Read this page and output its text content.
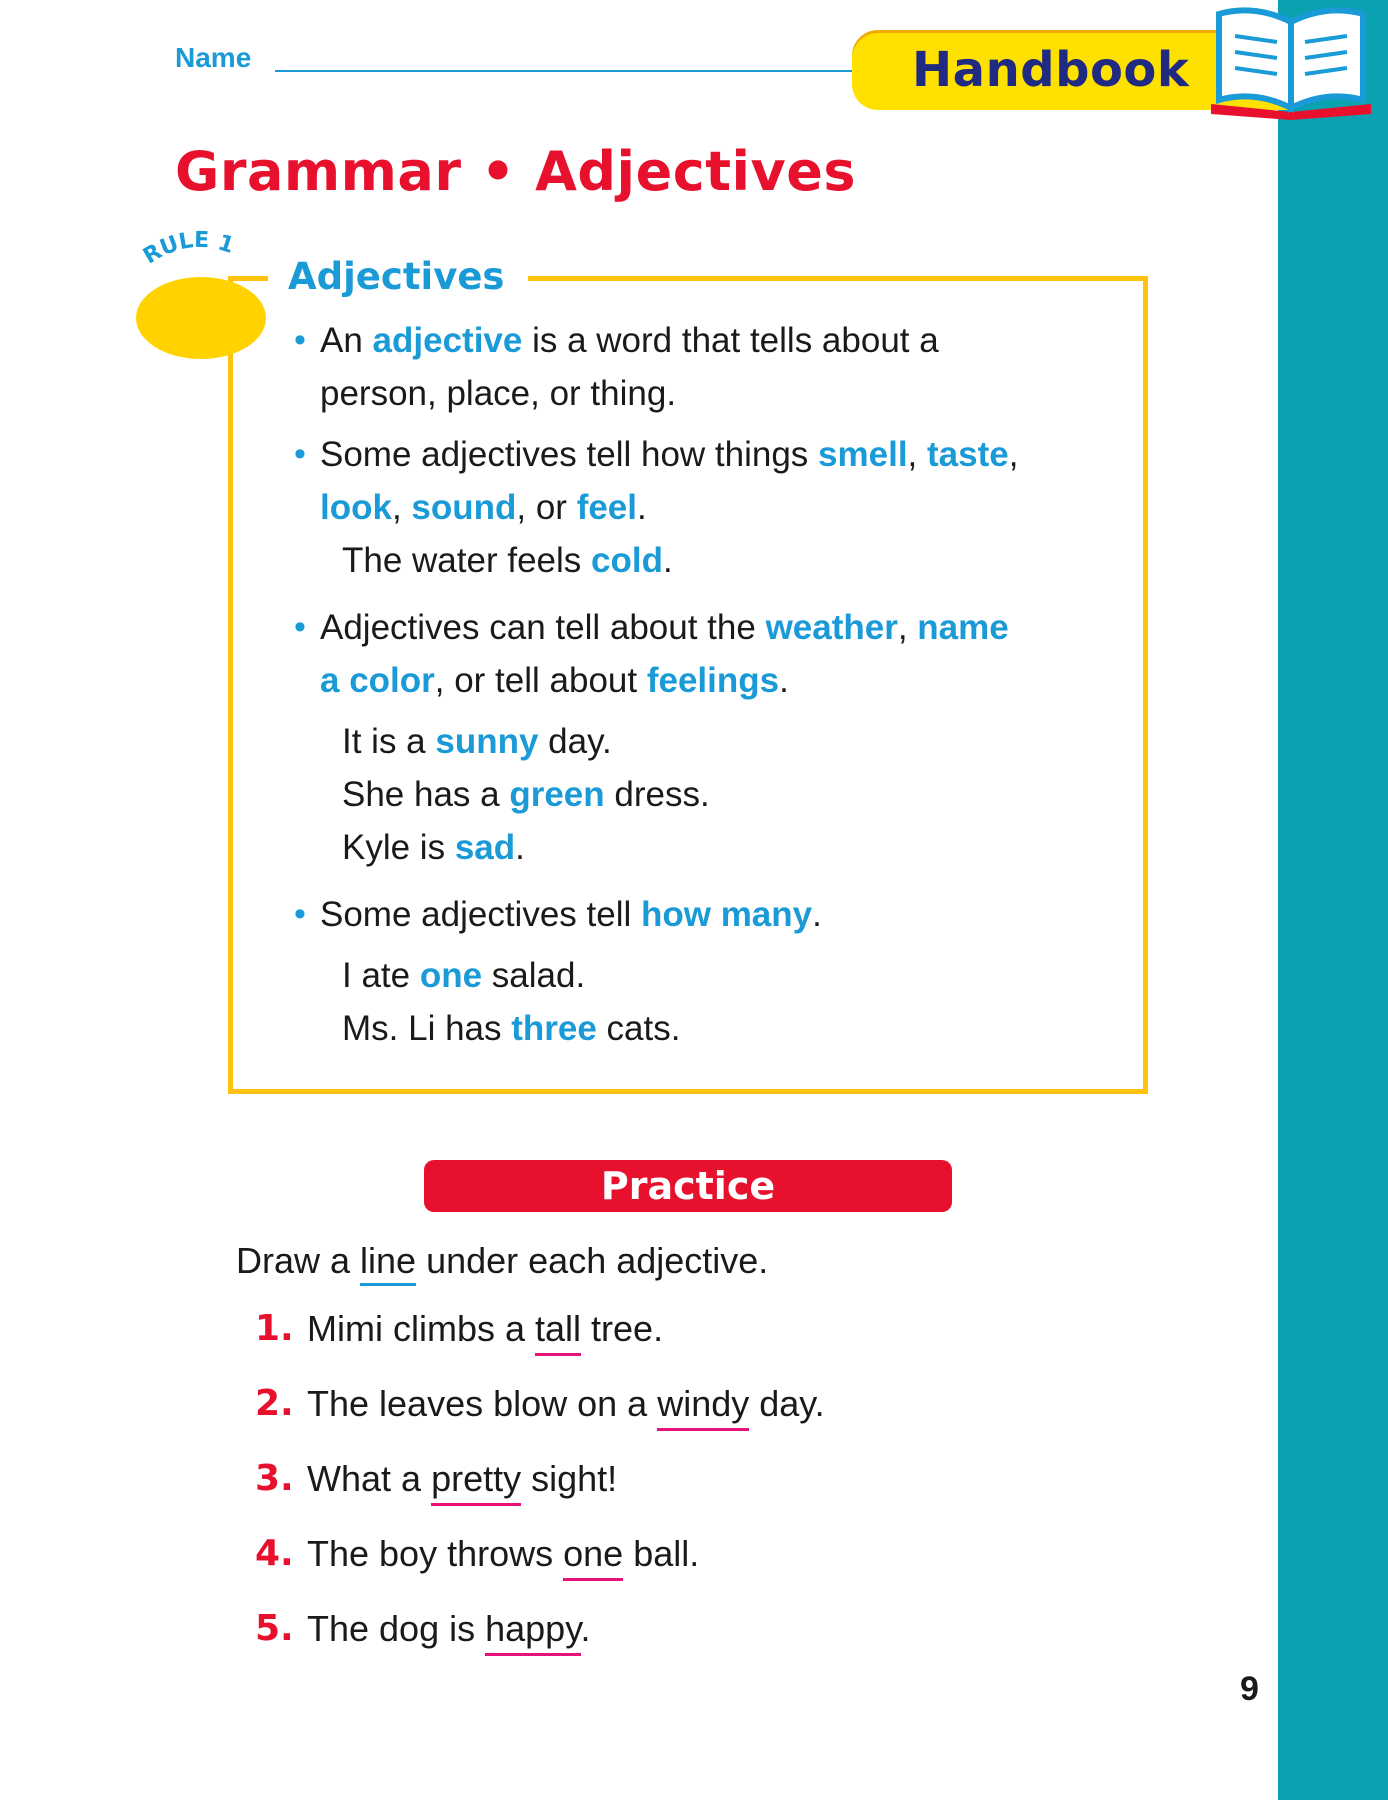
Name	Handbook
Grammar • Adjectives
RULE 1
Adjectives

• An adjective is a word that tells about a
person, place, or thing.

• Some adjectives tell how things smell, taste,
look, sound, or feel.

The water feels cold.

• Adjectives can tell about the weather, name
a color, or tell about feelings.

It is a sunny day.

She has a green dress.

Kyle is sad.

• Some adjectives tell how many.

I ate one salad.

Ms. Li has three cats.

Practice
Draw a line under each adjective.
1. Mimi climbs a tall tree.
2. The leaves blow on a windy day.
3. What a pretty sight!
4. The boy throws one ball.
5. The dog is happy.
9
